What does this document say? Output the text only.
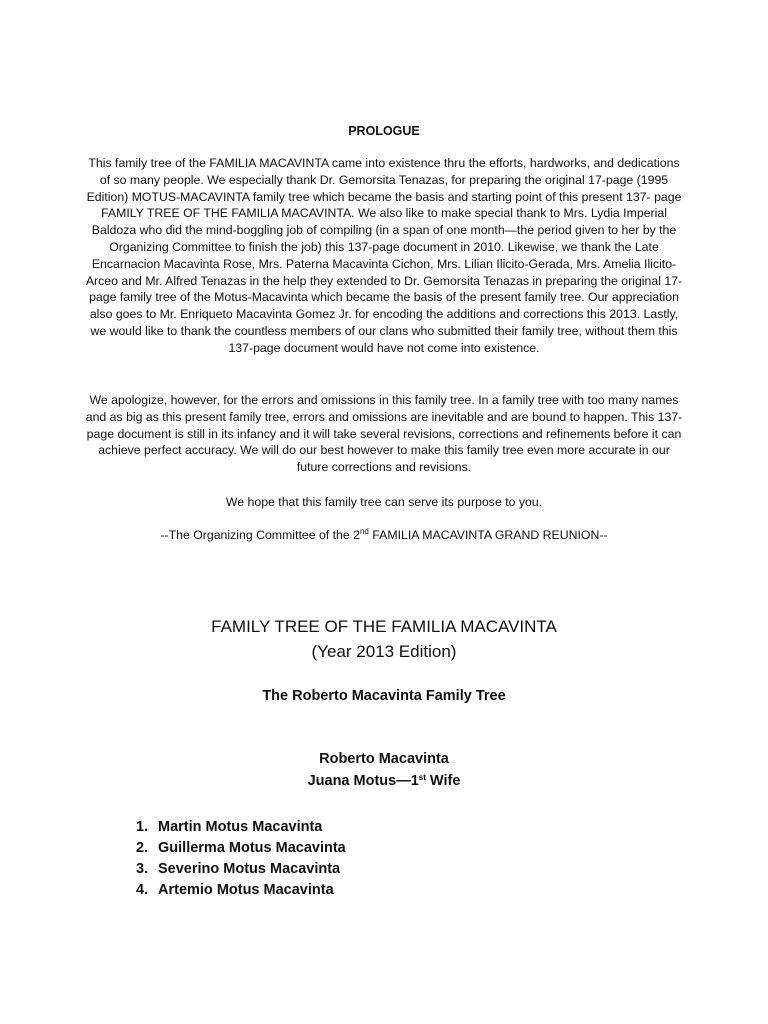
PROLOGUE

This family tree of the FAMILIA MACAVINTA came into existence thru the efforts, hardworks, and dedications of so many people. We especially thank Dr. Gemorsita Tenazas, for preparing the original 17-page (1995 Edition) MOTUS-MACAVINTA family tree which became the basis and starting point of this present 137- page FAMILY TREE OF THE FAMILIA MACAVINTA. We also like to make special thank to Mrs. Lydia Imperial Baldoza who did the mind-boggling job of compiling (in a span of one month—the period given to her by the Organizing Committee to finish the job) this 137-page document in 2010. Likewise, we thank the Late Encarnacion Macavinta Rose, Mrs. Paterna Macavinta Cichon, Mrs. Lilian Ilicito-Gerada, Mrs. Amelia Ilicito-Arceo and Mr. Alfred Tenazas in the help they extended to Dr. Gemorsita Tenazas in preparing the original 17-page family tree of the Motus-Macavinta which became the basis of the present family tree. Our appreciation also goes to Mr. Enriqueto Macavinta Gomez Jr. for encoding the additions and corrections this 2013. Lastly, we would like to thank the countless members of our clans who submitted their family tree, without them this 137-page document would have not come into existence.

We apologize, however, for the errors and omissions in this family tree. In a family tree with too many names and as big as this present family tree, errors and omissions are inevitable and are bound to happen. This 137-page document is still in its infancy and it will take several revisions, corrections and refinements before it can achieve perfect accuracy. We will do our best however to make this family tree even more accurate in our future corrections and revisions.

We hope that this family tree can serve its purpose to you.

--The Organizing Committee of the 2nd FAMILIA MACAVINTA GRAND REUNION--

FAMILY TREE OF THE FAMILIA MACAVINTA
(Year 2013 Edition)
The Roberto Macavinta Family Tree
Roberto Macavinta
Juana Motus—1st Wife
1. Martin Motus Macavinta
2. Guillerma Motus Macavinta
3. Severino Motus Macavinta
4. Artemio Motus Macavinta
